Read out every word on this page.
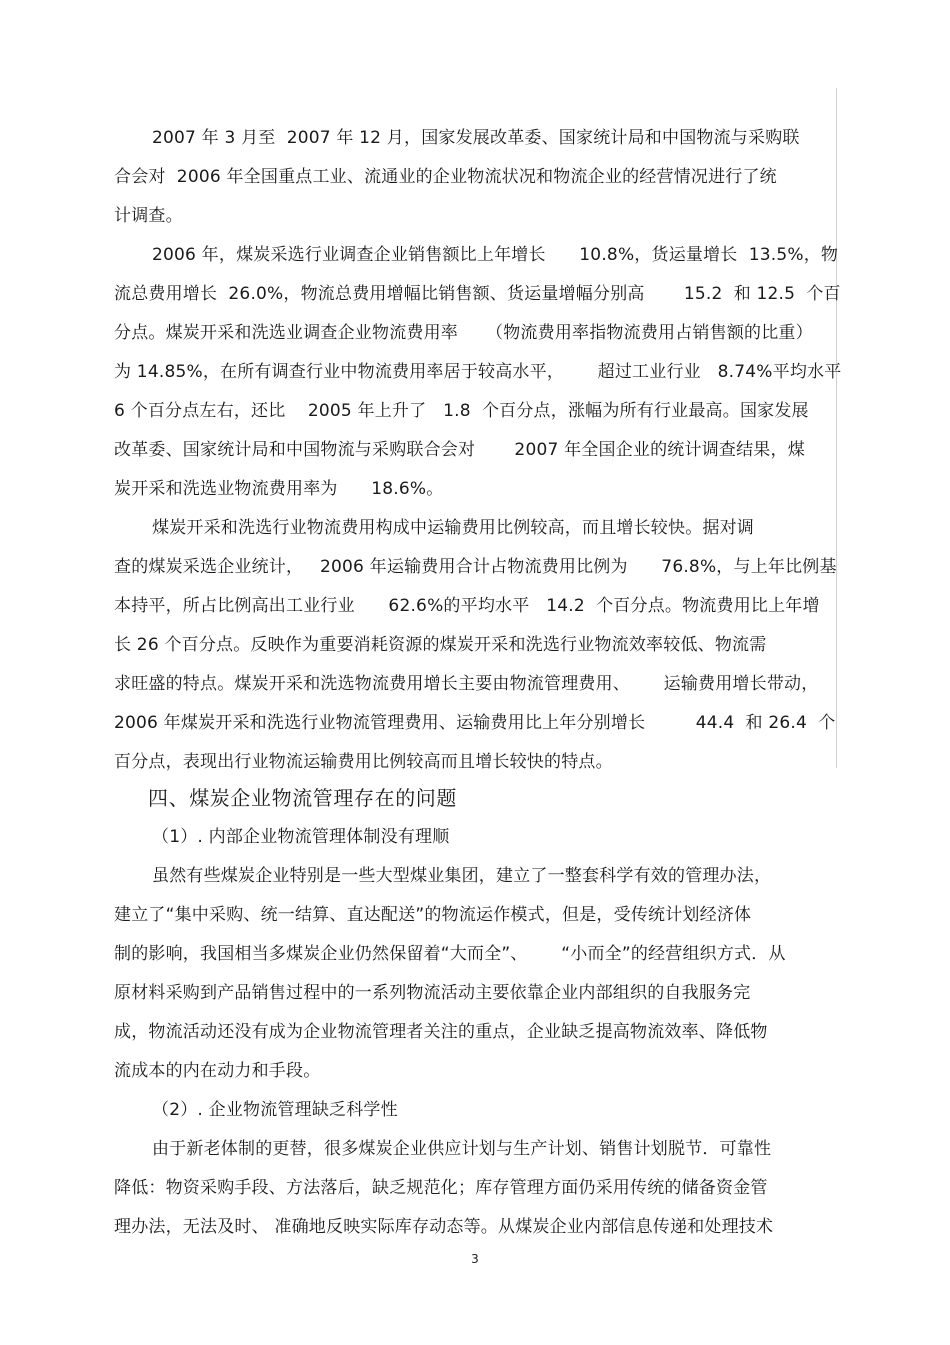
2007 年 3 月至  2007 年 12 月，国家发展改革委、国家统计局和中国物流与采购联
合会对  2006 年全国重点工业、流通业的企业物流状况和物流企业的经营情况进行了统
计调查。
2006 年，煤炭采选行业调查企业销售额比上年增长      10.8%，货运量增长  13.5%，物
流总费用增长  26.0%，物流总费用增幅比销售额、货运量增幅分别高       15.2  和 12.5  个百
分点。煤炭开采和洗选业调查企业物流费用率     （物流费用率指物流费用占销售额的比重）
为 14.85%，在所有调查行业中物流费用率居于较高水平，      超过工业行业   8.74%平均水平
6 个百分点左右，还比    2005 年上升了   1.8  个百分点，涨幅为所有行业最高。国家发展
改革委、国家统计局和中国物流与采购联合会对       2007 年全国企业的统计调查结果，煤
炭开采和洗选业物流费用率为      18.6%。
煤炭开采和洗选行业物流费用构成中运输费用比例较高，而且增长较快。据对调
查的煤炭采选企业统计，   2006 年运输费用合计占物流费用比例为      76.8%，与上年比例基
本持平，所占比例高出工业行业      62.6%的平均水平   14.2  个百分点。物流费用比上年增
长 26 个百分点。反映作为重要消耗资源的煤炭开采和洗选行业物流效率较低、物流需
求旺盛的特点。煤炭开采和洗选物流费用增长主要由物流管理费用、      运输费用增长带动，
2006 年煤炭开采和洗选行业物流管理费用、运输费用比上年分别增长         44.4  和 26.4  个
百分点，表现出行业物流运输费用比例较高而且增长较快的特点。
四、煤炭企业物流管理存在的问题
（1）. 内部企业物流管理体制没有理顺
虽然有些煤炭企业特别是一些大型煤业集团，建立了一整套科学有效的管理办法，
建立了“集中采购、统一结算、直达配送”的物流运作模式，但是，受传统计划经济体
制的影响，我国相当多煤炭企业仍然保留着“大而全”、      “小而全”的经营组织方式．从
原材料采购到产品销售过程中的一系列物流活动主要依靠企业内部组织的自我服务完
成，物流活动还没有成为企业物流管理者关注的重点，企业缺乏提高物流效率、降低物
流成本的内在动力和手段。
（2）. 企业物流管理缺乏科学性
由于新老体制的更替，很多煤炭企业供应计划与生产计划、销售计划脱节．可靠性
降低：物资采购手段、方法落后，缺乏规范化；库存管理方面仍采用传统的储备资金管
理办法，无法及时、 准确地反映实际库存动态等。从煤炭企业内部信息传递和处理技术
3
